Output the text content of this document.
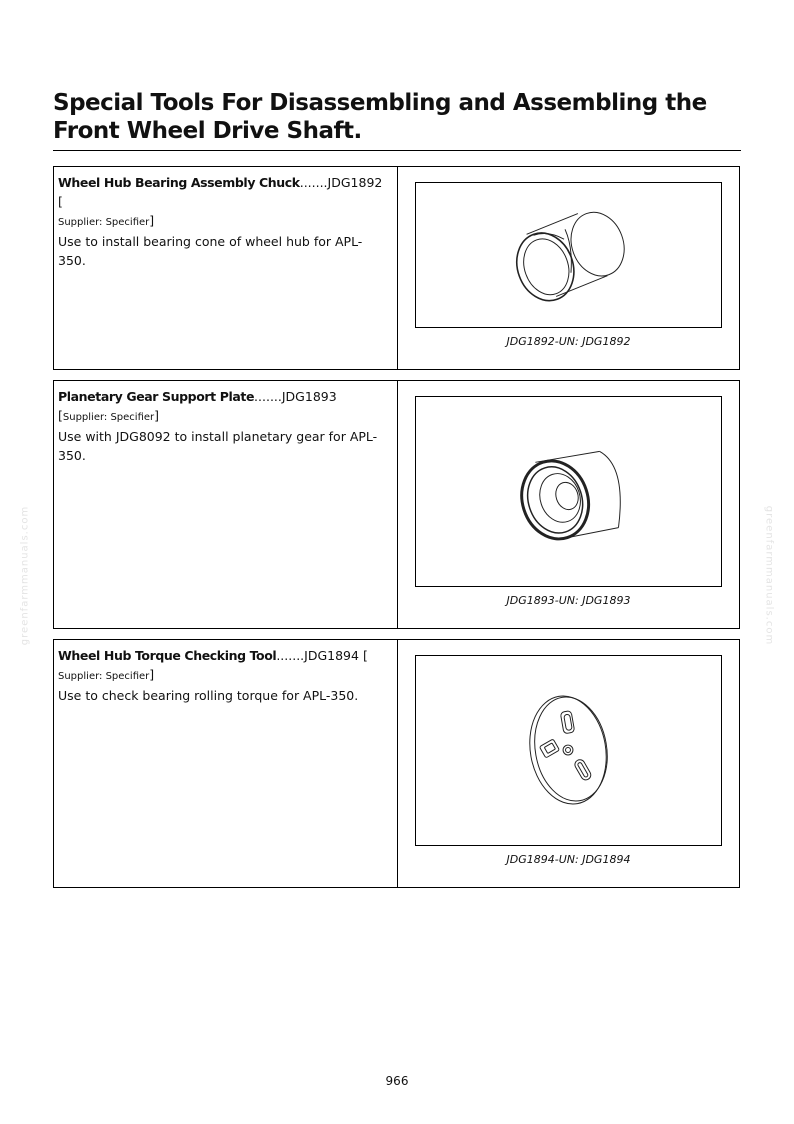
Special Tools For Disassembling and Assembling the Front Wheel Drive Shaft.
Wheel Hub Bearing Assembly Chuck.......JDG1892 [
Supplier: Specifier]
Use to install bearing cone of wheel hub for APL-350.
JDG1892-UN: JDG1892
Planetary Gear Support Plate.......JDG1893 [Supplier: Specifier]
Use with JDG8092 to install planetary gear for APL-350.
JDG1893-UN: JDG1893
Wheel Hub Torque Checking Tool.......JDG1894 [
Supplier: Specifier]
Use to check bearing rolling torque for APL-350.
JDG1894-UN: JDG1894
greenfarmmanuals.com	greenfarmmanuals.com
966
